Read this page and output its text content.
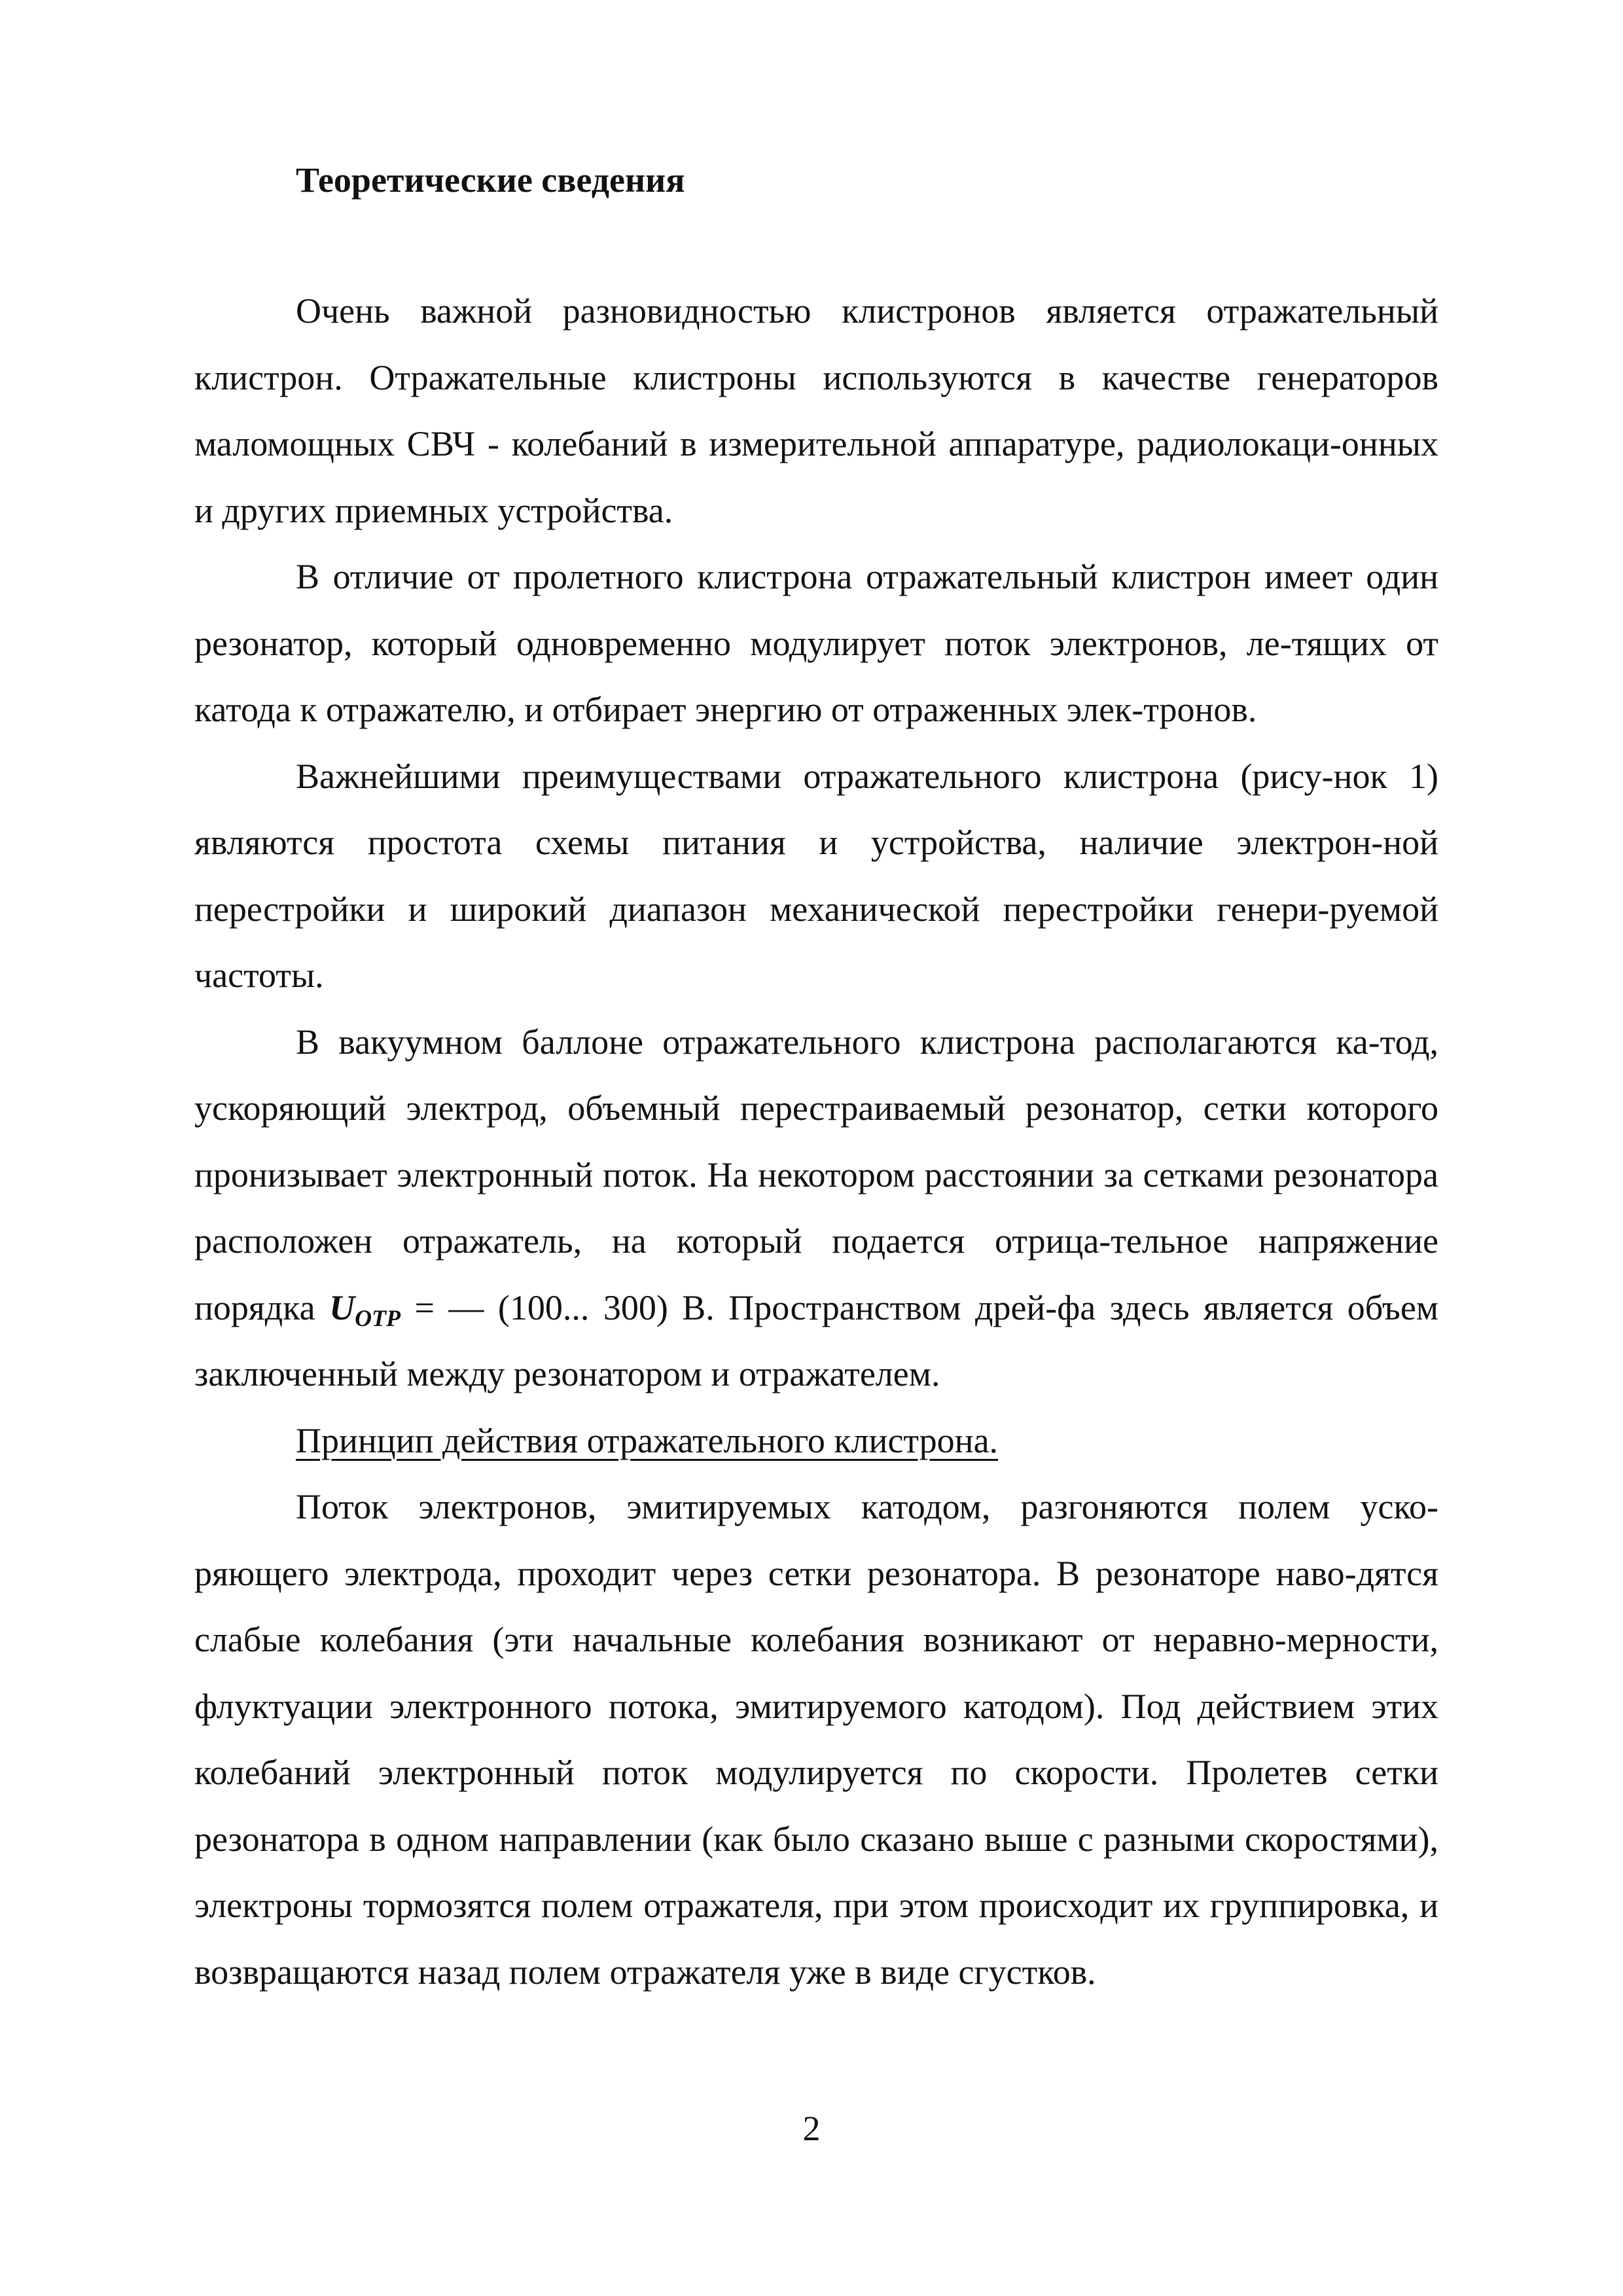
Теоретические сведения

Очень важной разновидностью клистронов является отражательный клистрон. Отражательные клистроны используются в качестве генераторов маломощных СВЧ - колебаний в измерительной аппаратуре, радиолокаци-онных и других приемных устройства.

В отличие от пролетного клистрона отражательный клистрон имеет один резонатор, который одновременно модулирует поток электронов, ле-тящих от катода к отражателю, и отбирает энергию от отраженных элек-тронов.

Важнейшими преимуществами отражательного клистрона (рису-нок 1) являются простота схемы питания и устройства, наличие электрон-ной перестройки и широкий диапазон механической перестройки генери-руемой частоты.

В вакуумном баллоне отражательного клистрона располагаются ка-тод, ускоряющий электрод, объемный перестраиваемый резонатор, сетки которого пронизывает электронный поток. На некотором расстоянии за сетками резонатора расположен отражатель, на который подается отрица-тельное напряжение порядка $U_{ОТР}$ = — (100... 300) В. Пространством дрей-фа здесь является объем заключенный между резонатором и отражателем.

Принцип действия отражательного клистрона.

Поток электронов, эмитируемых катодом, разгоняются полем уско-ряющего электрода, проходит через сетки резонатора. В резонаторе наво-дятся слабые колебания (эти начальные колебания возникают от неравно-мерности, флуктуации электронного потока, эмитируемого катодом). Под действием этих колебаний электронный поток модулируется по скорости. Пролетев сетки резонатора в одном направлении (как было сказано выше с разными скоростями), электроны тормозятся полем отражателя, при этом происходит их группировка, и возвращаются назад полем отражателя уже в виде сгустков.

2
